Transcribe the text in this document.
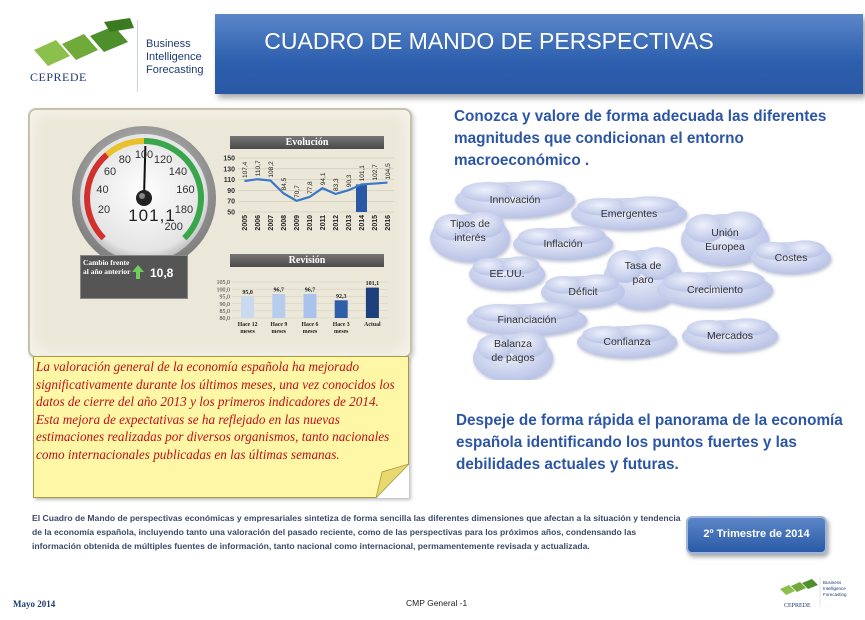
CEPREDE
Business
Intelligence
Forecasting
CUADRO DE MANDO DE PERSPECTIVAS
20
40
60
80 100 120
140
160
180
200
101,1
Evolución
150
130
110
90
70
50
2005 2006 2007 2008 2009 2010 2011 2012 2013 2014 2015 2016
107,4 110,7 108,2
84,5
70,7 77,8
94,1 83,3 90,3 101,1 102,7 104,5
Cambio frente al año anterior 10,8
Revisión
105,0
100,0
95,0
90,0
85,0
80,0
95,0
Hace 12
meses
96,7
Hace 9
meses
96,7
Hace 6
meses
92,3
Hace 3
meses
101,1
Actual
La valoración general de la economía española ha mejorado significativamente durante los últimos meses, una vez conocidos los datos de cierre del año 2013 y los primeros indicadores de 2014.
Esta mejora de expectativas se ha reflejado en las nuevas estimaciones realizadas por diversos organismos, tanto nacionales como internacionales publicadas en las últimas semanas.
Conozca y valore de forma adecuada las diferentes magnitudes que condicionan el entorno macroeconómico .
Innovación
Emergentes
Tipos de interés	Inflación
Unión Europea
Costes
EE.UU.
Tasa de paro
Déficit	Crecimiento
Financiación
Balanza de pagos
Confianza	Mercados
Despeje de forma rápida el panorama de la economía española identificando los puntos fuertes y las debilidades actuales y futuras.
El Cuadro de Mando de perspectivas económicas y empresariales sintetiza de forma sencilla las diferentes dimensiones que afectan a la situación y tendencia de la economía española, incluyendo tanto una valoración del pasado reciente, como de las perspectivas para los próximos años, condensando las información obtenida de múltiples fuentes de información, tanto nacional como internacional, permamentemente revisada y actualizada.
2º Trimestre de 2014
Mayo 2014	CMP General -1	CEPREDE
Business
Intelligence
Forecasting
